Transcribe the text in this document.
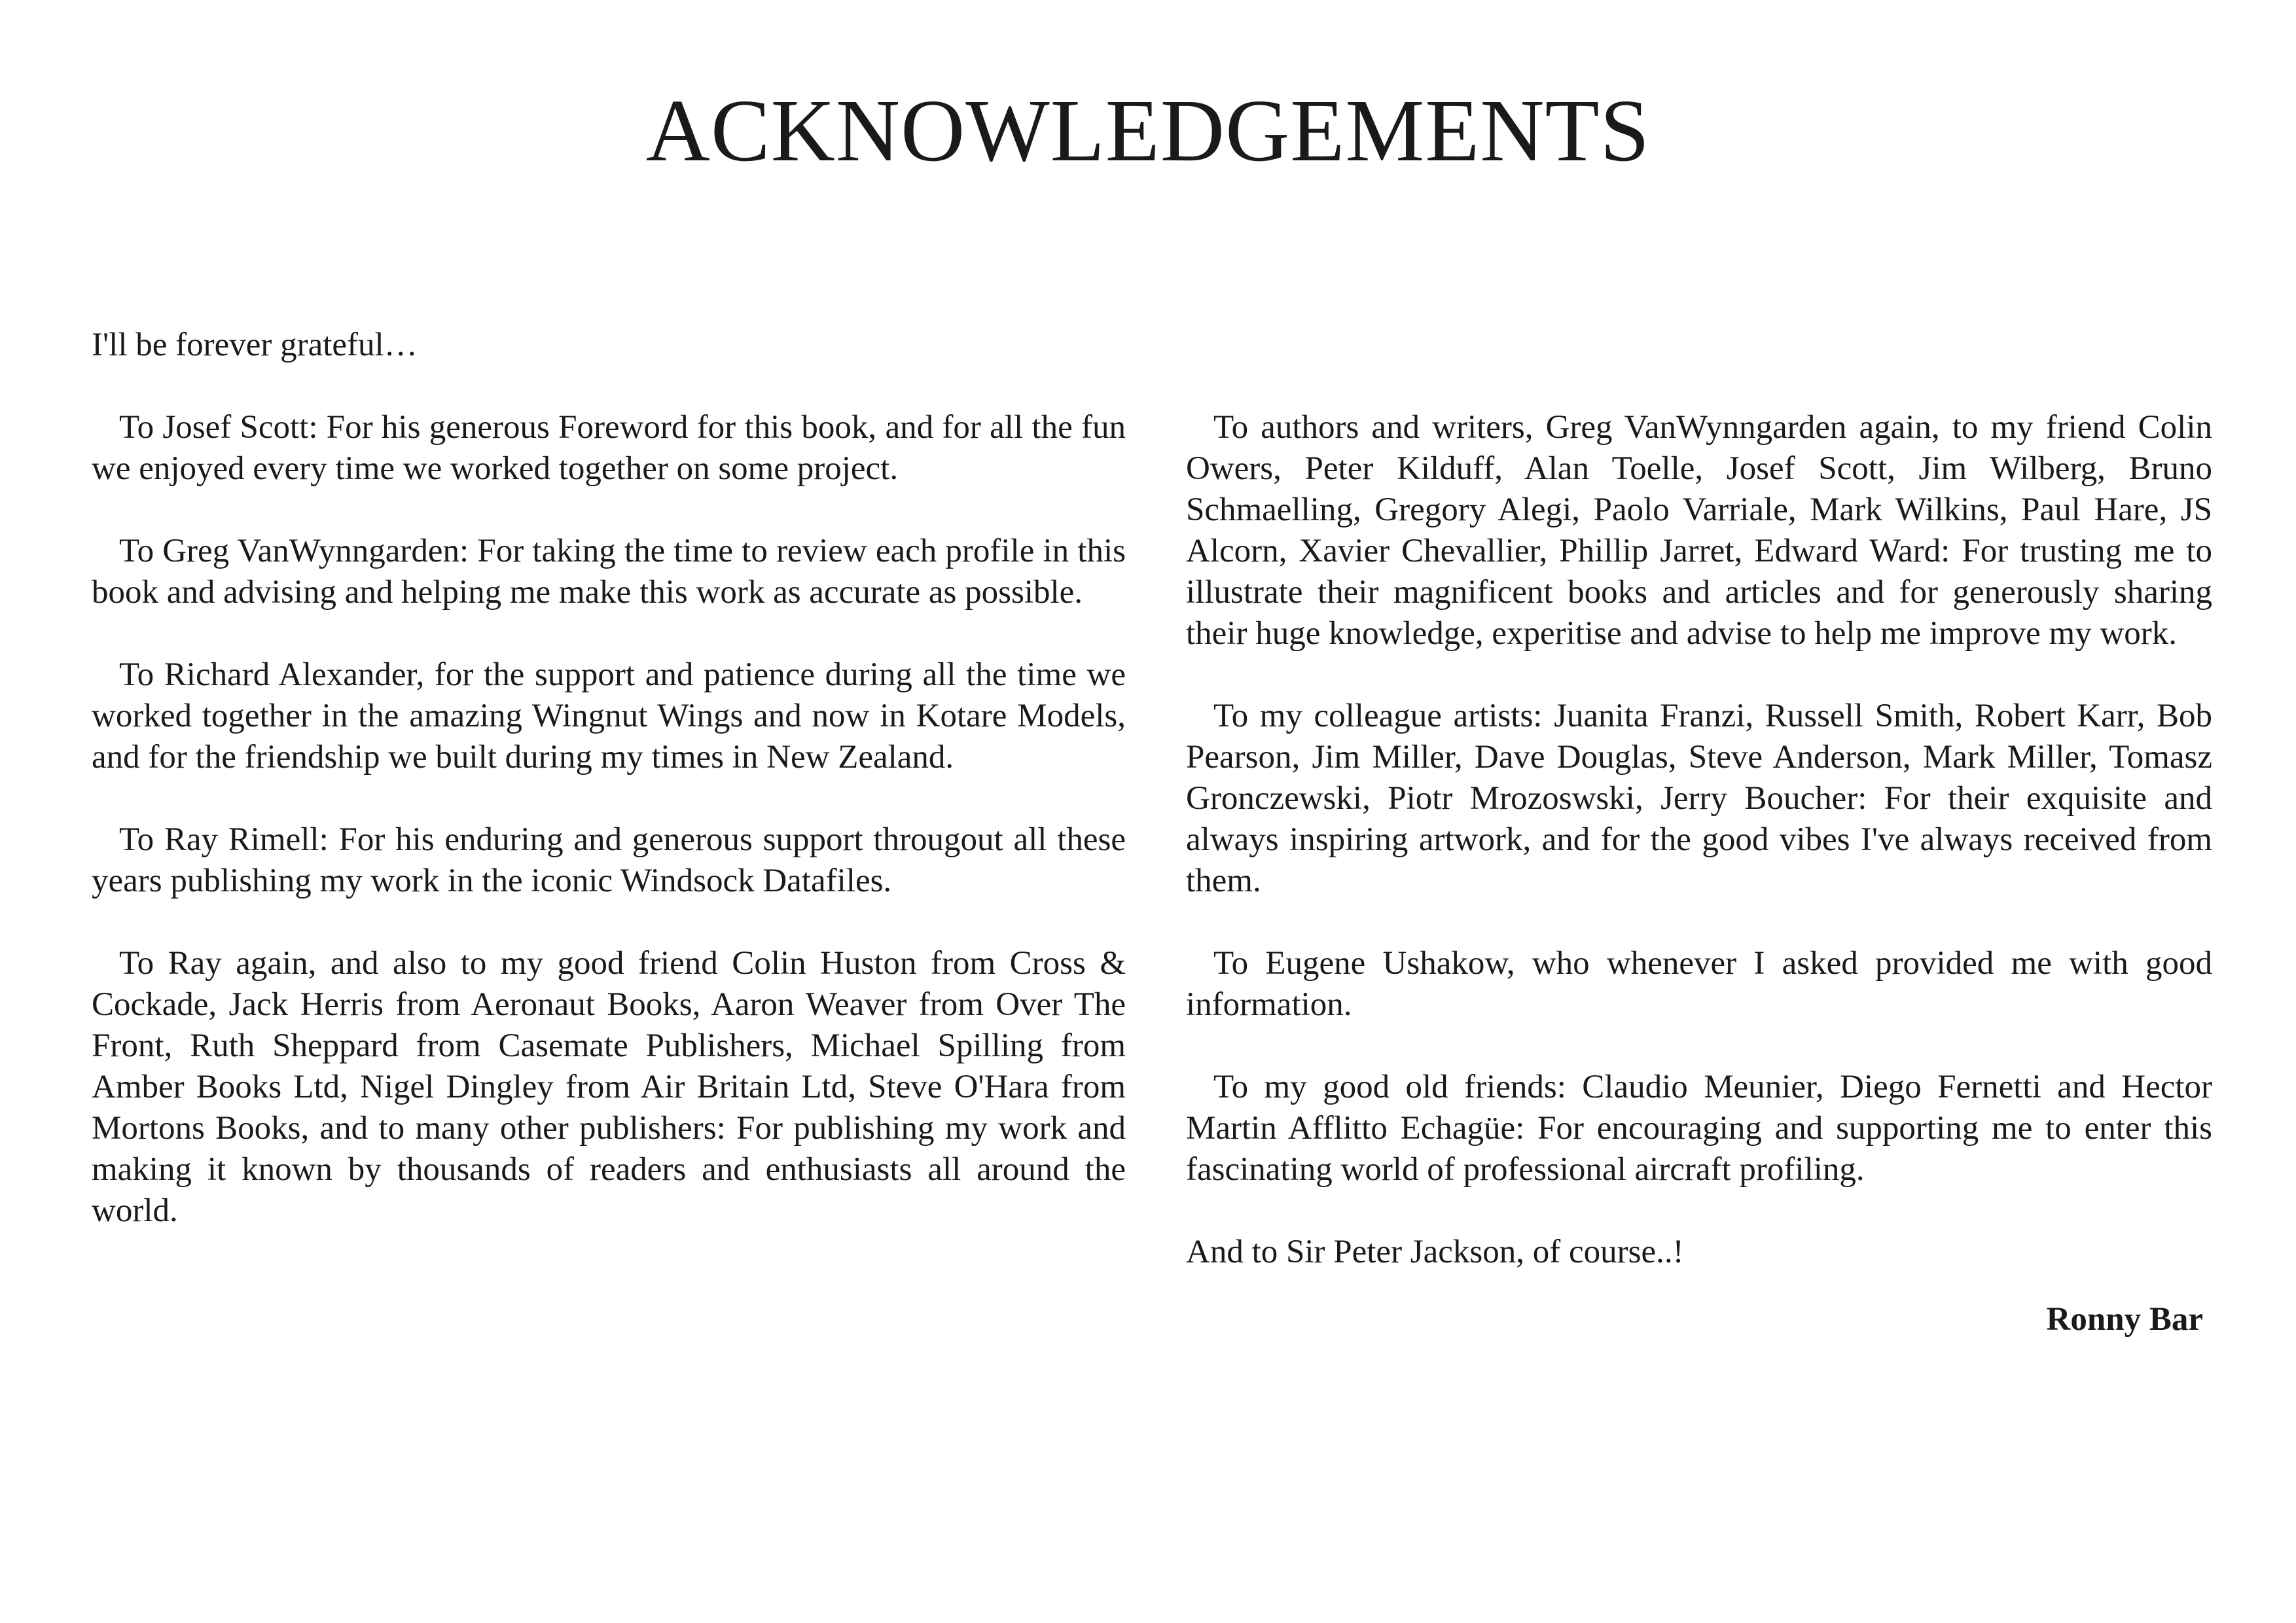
ACKNOWLEDGEMENTS

I'll be forever grateful…

To Josef Scott: For his generous Foreword for this book, and for all the fun we enjoyed every time we worked together on some project.

To Greg VanWynngarden: For taking the time to review each profile in this book and advising and helping me make this work as accurate as possible.

To Richard Alexander, for the support and patience during all the time we worked together in the amazing Wingnut Wings and now in Kotare Models, and for the friendship we built during my times in New Zealand.

To Ray Rimell: For his enduring and generous support througout all these years publishing my work in the iconic Windsock Datafiles.

To Ray again, and also to my good friend Colin Huston from Cross & Cockade, Jack Herris from Aeronaut Books, Aaron Weaver from Over The Front, Ruth Sheppard from Casemate Publishers, Michael Spilling from Amber Books Ltd, Nigel Dingley from Air Britain Ltd, Steve O'Hara from Mortons Books, and to many other publishers: For publishing my work and making it known by thousands of readers and enthusiasts all around the world.

To authors and writers, Greg VanWynngarden again, to my friend Colin Owers, Peter Kilduff, Alan Toelle, Josef Scott, Jim Wilberg, Bruno Schmaelling, Gregory Alegi, Paolo Varriale, Mark Wilkins, Paul Hare, JS Alcorn, Xavier Chevallier, Phillip Jarret, Edward Ward: For trusting me to illustrate their magnificent books and articles and for generously sharing their huge knowledge, experitise and advise to help me improve my work.

To my colleague artists: Juanita Franzi, Russell Smith, Robert Karr, Bob Pearson, Jim Miller, Dave Douglas, Steve Anderson, Mark Miller, Tomasz Gronczewski, Piotr Mrozoswski, Jerry Boucher: For their exquisite and always inspiring artwork, and for the good vibes I've always received from them.

To Eugene Ushakow, who whenever I asked provided me with good information.

To my good old friends: Claudio Meunier, Diego Fernetti and Hector Martin Afflitto Echagüe: For encouraging and supporting me to enter this fascinating world of professional aircraft profiling.

And to Sir Peter Jackson, of course..!

Ronny Bar
